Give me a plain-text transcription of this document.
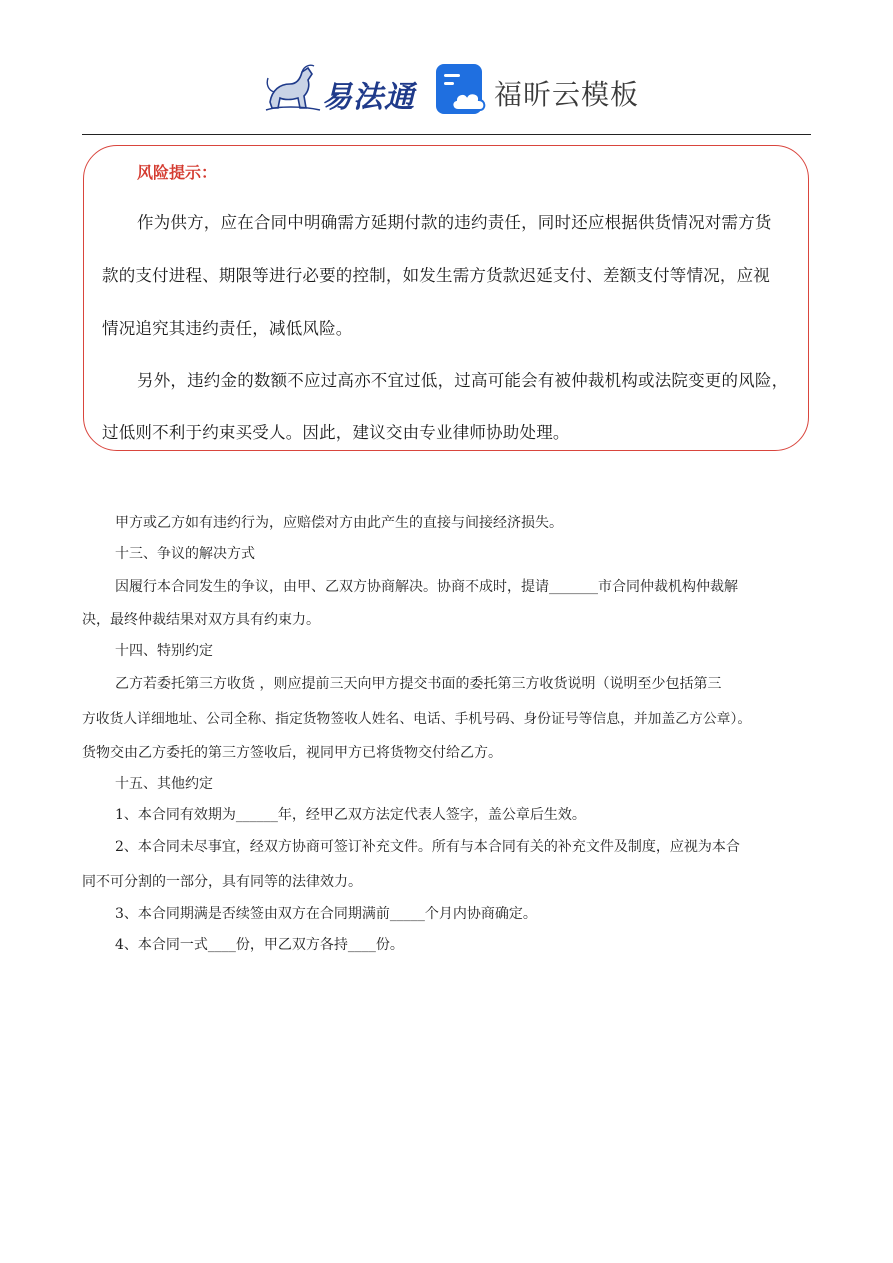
易法通	福昕云模板
风险提示：
作为供方，应在合同中明确需方延期付款的违约责任，同时还应根据供货情况对需方货
款的支付进程、期限等进行必要的控制，如发生需方货款迟延支付、差额支付等情况，应视
情况追究其违约责任，减低风险。
另外，违约金的数额不应过高亦不宜过低，过高可能会有被仲裁机构或法院变更的风险，
过低则不利于约束买受人。因此，建议交由专业律师协助处理。
甲方或乙方如有违约行为，应赔偿对方由此产生的直接与间接经济损失。
十三、争议的解决方式
因履行本合同发生的争议，由甲、乙双方协商解决。协商不成时，提请_______市合同仲裁机构仲裁解
决，最终仲裁结果对双方具有约束力。
十四、特别约定
乙方若委托第三方收货 ，则应提前三天向甲方提交书面的委托第三方收货说明（说明至少包括第三
方收货人详细地址、公司全称、指定货物签收人姓名、电话、手机号码、身份证号等信息，并加盖乙方公章）。
货物交由乙方委托的第三方签收后，视同甲方已将货物交付给乙方。
十五、其他约定
1、本合同有效期为______年，经甲乙双方法定代表人签字，盖公章后生效。
2、本合同未尽事宜，经双方协商可签订补充文件。所有与本合同有关的补充文件及制度，应视为本合
同不可分割的一部分，具有同等的法律效力。
3、本合同期满是否续签由双方在合同期满前_____个月内协商确定。
4、本合同一式____份，甲乙双方各持____份。
